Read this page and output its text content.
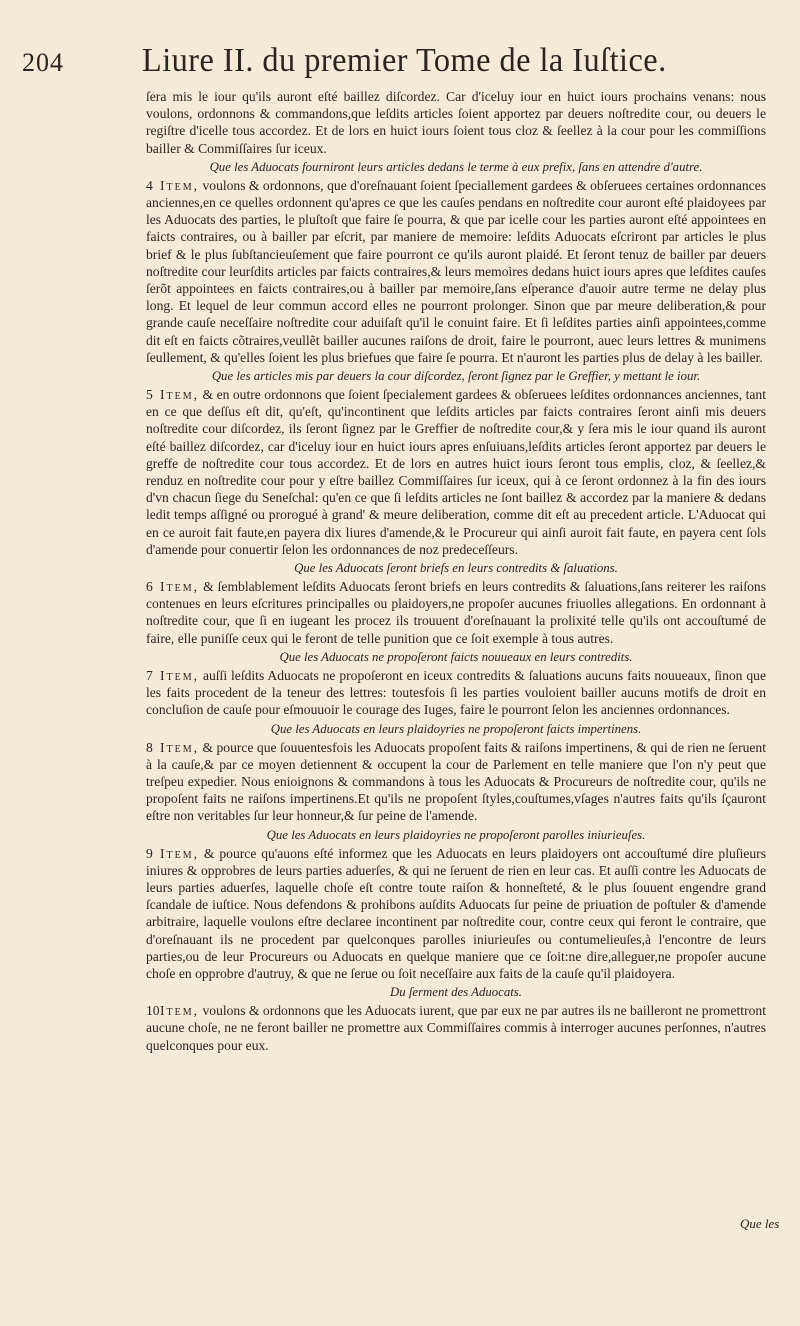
204 Liure II. du premier Tome de la Iuſtice.

ſera mis le iour qu'ils auront eſté baillez diſcordez. Car d'iceluy iour en huict iours prochains venans: nous voulons, ordonnons & commandons,que leſdits articles ſoient apportez par deuers noſtredite cour, ou deuers le regiſtre d'icelle tous accordez. Et de lors en huict iours ſoient tous cloz & ſeellez à la cour pour les commiſſions bailler & Commiſſaires ſur iceux.

Que les Aduocats fourniront leurs articles dedans le terme à eux prefix, ſans en attendre d'autre.

4 Item, voulons & ordonnons, que d'oreſnauant ſoient ſpeciallement gardees & obſeruees certaines ordonnances anciennes,en ce quelles ordonnent qu'apres ce que les cauſes pendans en noſtredite cour auront eſté plaidoyees par les Aduocats des parties, le pluſtoſt que faire ſe pourra, & que par icelle cour les parties auront eſté appointees en faicts contraires, ou à bailler par eſcrit, par maniere de memoire: leſdits Aduocats eſcriront par articles le plus brief & le plus ſubſtancieuſement que faire pourront ce qu'ils auront plaidé. Et ſeront tenuz de bailler par deuers noſtredite cour leurſdits articles par faicts contraires,& leurs memoires dedans huict iours apres que leſdites cauſes ſerõt appointees en faicts contraires,ou à bailler par memoire,ſans eſperance d'auoir autre terme ne delay plus long. Et lequel de leur commun accord elles ne pourront prolonger. Sinon que par meure deliberation,& pour grande cauſe neceſſaire noſtredite cour aduiſaſt qu'il le conuint faire. Et ſi leſdites parties ainſi appointees,comme dit eſt en faicts cõtraires,veullẽt bailler aucunes raiſons de droit, faire le pourront, auec leurs lettres & munimens ſeullement, & qu'elles ſoient les plus briefues que faire ſe pourra. Et n'auront les parties plus de delay à les bailler.

Que les articles mis par deuers la cour diſcordez, ſeront ſignez par le Greffier, y mettant le iour.

5 Item, & en outre ordonnons que ſoient ſpecialement gardees & obſeruees leſdites ordonnances anciennes, tant en ce que deſſus eſt dit, qu'eſt, qu'incontinent que leſdits articles par faicts contraires ſeront ainſi mis deuers noſtredite cour diſcordez, ils ſeront ſignez par le Greffier de noſtredite cour,& y ſera mis le iour quand ils auront eſté baillez diſcordez, car d'iceluy iour en huict iours apres enſuiuans,leſdits articles ſeront apportez par deuers le greffe de noſtredite cour tous accordez. Et de lors en autres huict iours ſeront tous emplis, cloz, & ſeellez,& renduz en noſtredite cour pour y eſtre baillez Commiſſaires ſur iceux, qui à ce ſeront ordonnez à la fin des iours d'vn chacun ſiege du Seneſchal: qu'en ce que ſi leſdits articles ne ſont baillez & accordez par la maniere & dedans ledit temps aſſigné ou prorogué à grand' & meure deliberation, comme dit eſt au precedent article. L'Aduocat qui en ce auroit fait faute,en payera dix liures d'amende,& le Procureur qui ainſi auroit fait faute, en payera cent ſols d'amende pour conuertir ſelon les ordonnances de noz predeceſſeurs.

Que les Aduocats ſeront briefs en leurs contredits & ſaluations.

6 Item, & ſemblablement leſdits Aduocats ſeront briefs en leurs contredits & ſaluations,ſans reiterer les raiſons contenues en leurs eſcritures principalles ou plaidoyers,ne propoſer aucunes friuolles allegations. En ordonnant à noſtredite cour, que ſi en iugeant les procez ils trouuent d'oreſnauant la prolixité telle qu'ils ont accouſtumé de faire, elle puniſſe ceux qui le feront de telle punition que ce ſoit exemple à tous autres.

Que les Aduocats ne propoſeront faicts nouueaux en leurs contredits.

7 Item, auſſi leſdits Aduocats ne propoſeront en iceux contredits & ſaluations aucuns faits nouueaux, ſinon que les faits procedent de la teneur des lettres: toutesfois ſi les parties vouloient bailler aucuns motifs de droit en concluſion de cauſe pour eſmouuoir le courage des Iuges, faire le pourront ſelon les anciennes ordonnances.

Que les Aduocats en leurs plaidoyries ne propoſeront faicts impertinens.

8 Item, & pource que ſouuentesfois les Aduocats propoſent faits & raiſons impertinens, & qui de rien ne ſeruent à la cauſe,& par ce moyen detiennent & occupent la cour de Parlement en telle maniere que l'on n'y peut que treſpeu expedier. Nous enioignons & commandons à tous les Aduocats & Procureurs de noſtredite cour, qu'ils ne propoſent faits ne raiſons impertinens.Et qu'ils ne propoſent ſtyles,couſtumes,vſages n'autres faits qu'ils ſçauront eſtre non veritables ſur leur honneur,& ſur peine de l'amende.

Que les Aduocats en leurs plaidoyries ne propoſeront parolles iniurieuſes.

9 Item, & pource qu'auons eſté informez que les Aduocats en leurs plaidoyers ont accouſtumé dire pluſieurs iniures & opprobres de leurs parties aduerſes, & qui ne ſeruent de rien en leur cas. Et auſſi contre les Aduocats de leurs parties aduerſes, laquelle choſe eſt contre toute raiſon & honneſteté, & le plus ſouuent engendre grand ſcandale de iuſtice. Nous defendons & prohibons auſdits Aduocats ſur peine de priuation de poſtuler & d'amende arbitraire, laquelle voulons eſtre declaree incontinent par noſtredite cour, contre ceux qui feront le contraire, que d'oreſnauant ils ne procedent par quelconques parolles iniurieuſes ou contumelieuſes,à l'encontre de leurs parties,ou de leur Procureurs ou Aduocats en quelque maniere que ce ſoit:ne dire,alleguer,ne propoſer aucune choſe en opprobre d'autruy, & que ne ſerue ou ſoit neceſſaire aux faits de la cauſe qu'il plaidoyera.

Du ſerment des Aduocats.

10Item, voulons & ordonnons que les Aduocats iurent, que par eux ne par autres ils ne bailleront ne promettront aucune choſe, ne ne feront bailler ne promettre aux Commiſſaires commis à interroger aucunes perſonnes, n'autres quelconques pour eux.

Que les
